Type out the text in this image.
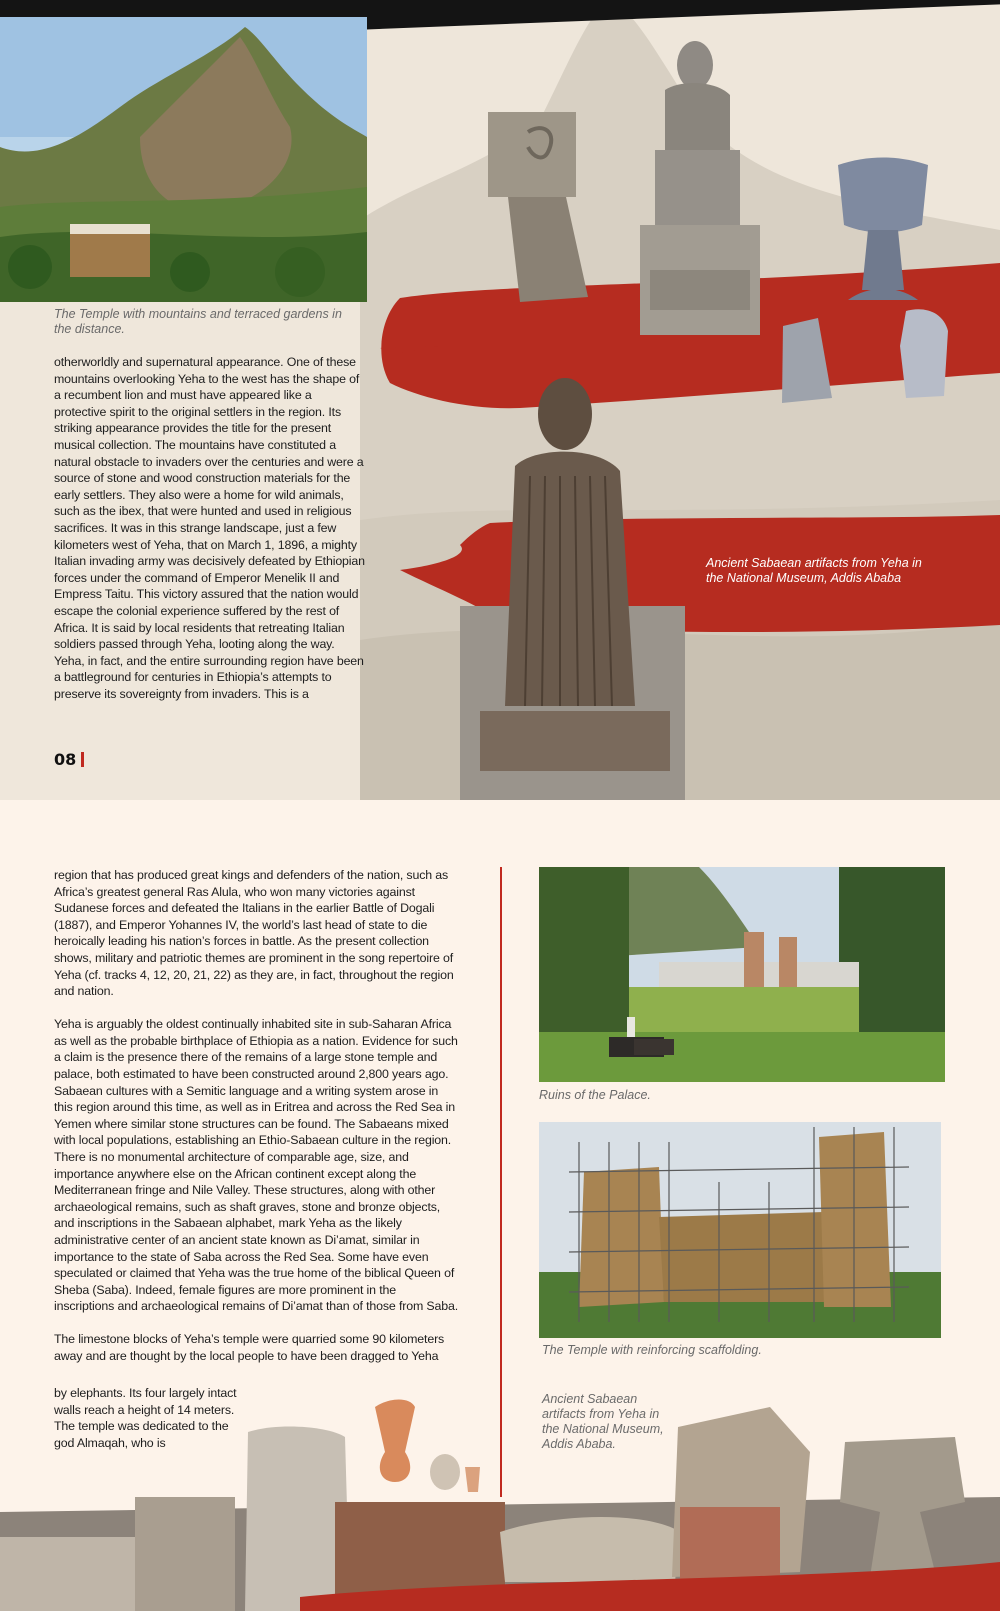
The Temple with mountains and terraced gardens in the distance.
otherworldly and supernatural appearance. One of these mountains overlooking Yeha to the west has the shape of a recumbent lion and must have appeared like a protective spirit to the original settlers in the region. Its striking appearance provides the title for the present musical collection. The mountains have constituted a natural obstacle to invaders over the centuries and were a source of stone and wood construction materials for the early settlers. They also were a home for wild animals, such as the ibex, that were hunted and used in religious sacrifices. It was in this strange landscape, just a few kilometers west of Yeha, that on March 1, 1896, a mighty Italian invading army was decisively defeated by Ethiopian forces under the command of Emperor Menelik II and Empress Taitu. This victory assured that the nation would escape the colonial experience suffered by the rest of Africa. It is said by local residents that retreating Italian soldiers passed through Yeha, looting along the way. Yeha, in fact, and the entire surrounding region have been a battleground for centuries in Ethiopia’s attempts to preserve its sovereignty from invaders. This is a
Ancient Sabaean artifacts from Yeha in the National Museum, Addis Ababa
08

region that has produced great kings and defenders of the nation, such as Africa’s greatest general Ras Alula, who won many victories against Sudanese forces and defeated the Italians in the earlier Battle of Dogali (1887), and Emperor Yohannes IV, the world’s last head of state to die heroically leading his nation’s forces in battle. As the present collection shows, military and patriotic themes are prominent in the song repertoire of Yeha (cf. tracks 4, 12, 20, 21, 22) as they are, in fact, throughout the region and nation.

Yeha is arguably the oldest continually inhabited site in sub-Saharan Africa as well as the probable birthplace of Ethiopia as a nation. Evidence for such a claim is the presence there of the remains of a large stone temple and palace, both estimated to have been constructed around 2,800 years ago. Sabaean cultures with a Semitic language and a writing system arose in this region around this time, as well as in Eritrea and across the Red Sea in Yemen where similar stone structures can be found. The Sabaeans mixed with local populations, establishing an Ethio-Sabaean culture in the region. There is no monumental architecture of comparable age, size, and importance anywhere else on the African continent except along the Mediterranean fringe and Nile Valley. These structures, along with other archaeological remains, such as shaft graves, stone and bronze objects, and inscriptions in the Sabaean alphabet, mark Yeha as the likely administrative center of an ancient state known as Di’amat, similar in importance to the state of Saba across the Red Sea. Some have even speculated or claimed that Yeha was the true home of the biblical Queen of Sheba (Saba). Indeed, female figures are more prominent in the inscriptions and archaeological remains of Di’amat than of those from Saba.

The limestone blocks of Yeha’s temple were quarried some 90 kilometers away and are thought by the local people to have been dragged to Yeha
by elephants. Its four largely intact walls reach a height of 14 meters. The temple was dedicated to the god Almaqah, who is
Ruins of the Palace.
The Temple with reinforcing scaffolding.
Ancient Sabaean artifacts from Yeha in the National Museum, Addis Ababa.
